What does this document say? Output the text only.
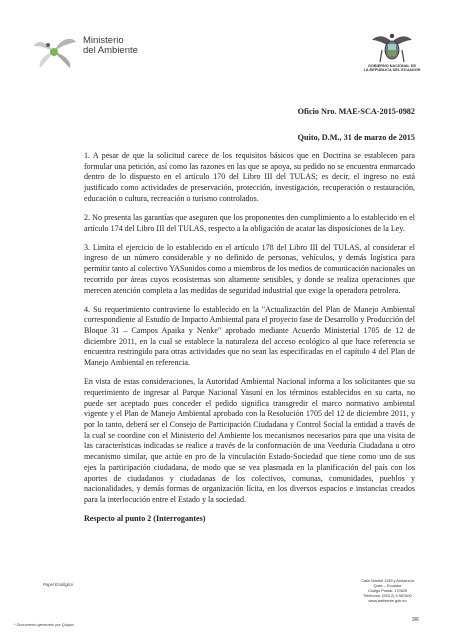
Ministerio
del Ambiente
GOBIERNO NACIONAL DE
LA REPÚBLICA DEL ECUADOR
Oficio Nro. MAE-SCA-2015-0982
Quito, D.M., 31 de marzo de 2015

1. A pesar de que la solicitud carece de los requisitos básicos que en Doctrina se establecen para formular una petición, así como las razones en las que se apoya, su pedido no se encuentra enmarcado dentro de lo dispuesto en el artículo 170 del Libro III del TULAS; es decir, el ingreso no está justificado como actividades de preservación, protección, investigación, recuperación o restauración, educación o cultura, recreación o turismo controlados.

2. No presenta las garantías que aseguren que los proponentes den cumplimiento a lo establecido en el artículo 174 del Libro III del TULAS, respecto a la obligación de acatar las disposiciones de la Ley.

3. Limita el ejercicio de lo establecido en el artículo 178 del Libro III del TULAS, al considerar el ingreso de un número considerable y no definido de personas, vehículos, y demás logística para permitir tanto al colectivo YASunidos como a miembros de los medios de comunicación nacionales un recorrido por áreas cuyos ecosistemas son altamente sensibles, y donde se realiza operaciones que merecen atención completa a las medidas de seguridad industrial que exige la operadora petrolera.

4. Su requerimiento contraviene lo establecido en la "Actualización del Plan de Manejo Ambiental correspondiente al Estudio de Impacto Ambiental para el proyecto fase de Desarrollo y Producción del Bloque 31 – Campos Apaika y Nenke" aprobado mediante Acuerdo Ministerial 1705 de 12 de diciembre 2011, en la cual se establece la naturaleza del acceso ecológico al que hace referencia se encuentra restringido para otras actividades que no sean las especificadas en el capítulo 4 del Plan de Manejo Ambiental en referencia.

En vista de estas consideraciones, la Autoridad Ambiental Nacional informa a los solicitantes que su requerimiento de ingresar al Parque Nacional Yasuní en los términos establecidos en su carta, no puede ser aceptado pues conceder el pedido significa transgredir el marco normativo ambiental vigente y el Plan de Manejo Ambiental aprobado con la Resolución 1705 del 12 de diciembre 2011, y por lo tanto, deberá ser el Consejo de Participación Ciudadana y Control Social la entidad a través de la cual se coordine con el Ministerio del Ambiente los mecanismos necesarios para que una visita de las características indicadas se realice a través de la conformación de una Veeduría Ciudadana u otro mecanismo similar, que actúe en pro de la vinculación Estado-Sociedad que tiene como uno de sus ejes la participación ciudadana, de modo que se vea plasmada en la planificación del país con los aportes de ciudadanos y ciudadanas de los colectivos, comunas, comunidades, pueblos y nacionalidades, y demás formas de organización lícita, en los diversos espacios e instancias creados para la interlocución entre el Estado y la sociedad.

Respecto al punto 2 (Interrogantes)

Papel Ecológico
* Documento generado por Quipux
Calle Madrid 1159 y Andalucía
Quito – Ecuador
Código Postal: 170525
Teléfonos: (593 2) 3 987600
www.ambiente.gob.ec
3/6
